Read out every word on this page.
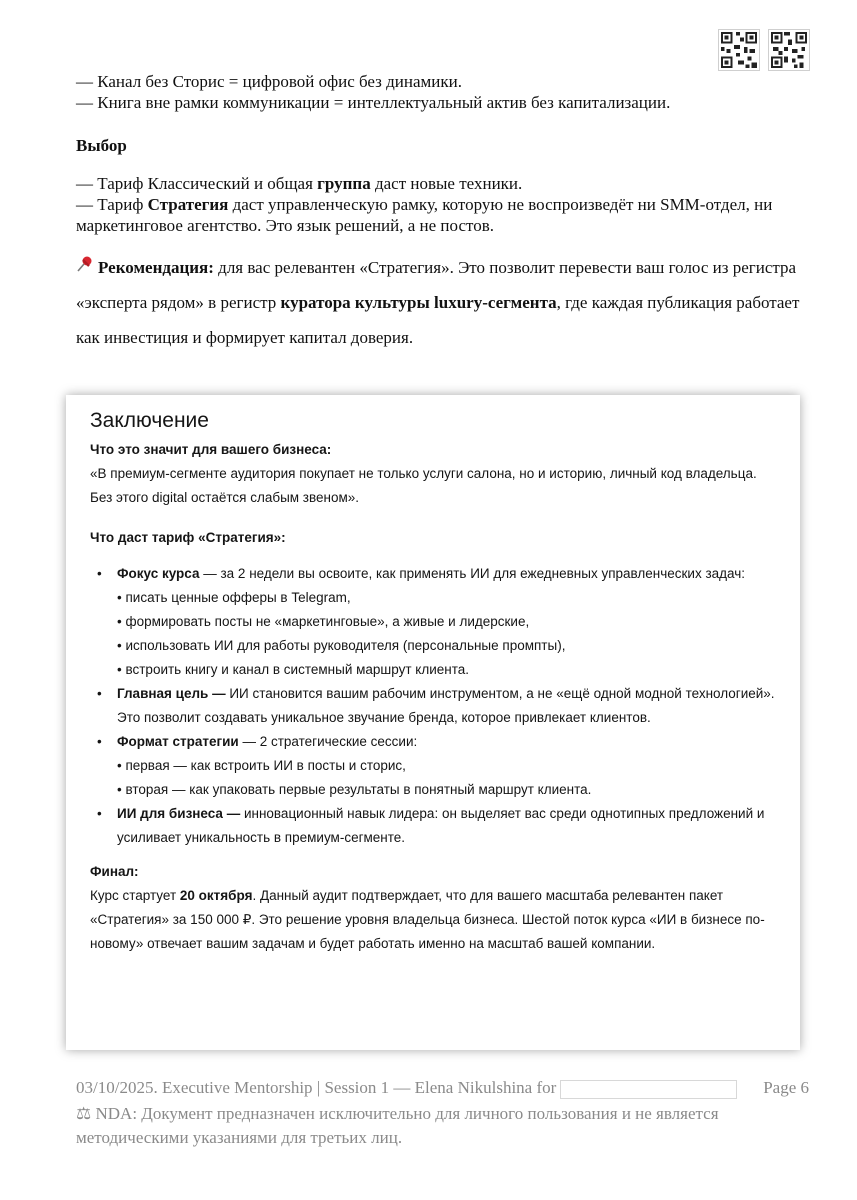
— Канал без Сторис = цифровой офис без динамики.

— Книга вне рамки коммуникации = интеллектуальный актив без капитализации.

Выбор

— Тариф Классический и общая группа даст новые техники.

— Тариф Стратегия даст управленческую рамку, которую не воспроизведёт ни SMM-отдел, ни маркетинговое агентство. Это язык решений, а не постов.

Рекомендация: для вас релевантен «Стратегия». Это позволит перевести ваш голос из регистра «эксперта рядом» в регистр куратора культуры luxury-сегмента, где каждая публикация работает как инвестиция и формирует капитал доверия.

Заключение

Что это значит для вашего бизнеса:

«В премиум-сегменте аудитория покупает не только услуги салона, но и историю, личный код владельца. Без этого digital остаётся слабым звеном».

Что даст тариф «Стратегия»:

• Фокус курса — за 2 недели вы освоите, как применять ИИ для ежедневных управленческих задач:
• писать ценные офферы в Telegram,
• формировать посты не «маркетинговые», а живые и лидерские,
• использовать ИИ для работы руководителя (персональные промпты),
• встроить книгу и канал в системный маршрут клиента.
• Главная цель — ИИ становится вашим рабочим инструментом, а не «ещё одной модной технологией». Это позволит создавать уникальное звучание бренда, которое привлекает клиентов.
• Формат стратегии — 2 стратегические сессии:
• первая — как встроить ИИ в посты и сторис,
• вторая — как упаковать первые результаты в понятный маршрут клиента.
• ИИ для бизнеса — инновационный навык лидера: он выделяет вас среди однотипных предложений и усиливает уникальность в премиум-сегменте.

Финал:

Курс стартует 20 октября. Данный аудит подтверждает, что для вашего масштаба релевантен пакет «Стратегия» за 150 000 ₽. Это решение уровня владельца бизнеса. Шестой поток курса «ИИ в бизнесе по-новому» отвечает вашим задачам и будет работать именно на масштаб вашей компании.

03/10/2025. Executive Mentorship | Session 1 — Elena Nikulshina for	Page 6
⚖ NDA: Документ предназначен исключительно для личного пользования и не является методическими указаниями для третьих лиц.
